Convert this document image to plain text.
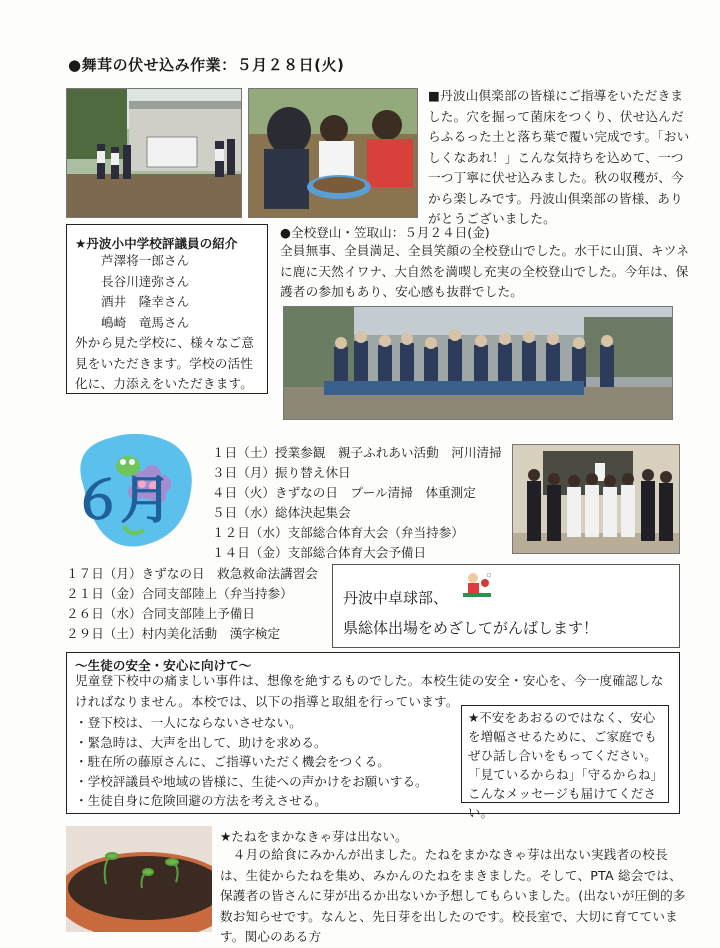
●舞茸の伏せ込み作業：５月２８日(火)
■丹波山倶楽部の皆様にご指導をいただきました。穴を掘って菌床をつくり、伏せ込んだらふるった土と落ち葉で覆い完成です。「おいしくなあれ！」こんな気持ちを込めて、一つ一つ丁寧に伏せ込みました。秋の収穫が、今から楽しみです。丹波山倶楽部の皆様、ありがとうございました。
★丹波小中学校評議員の紹介
芦澤将一郎さん
長谷川達弥さん
酒井　隆幸さん
嶋崎　竜馬さん
外から見た学校に、様々なご意見をいただきます。学校の活性化に、力添えをいただきます。
●全校登山・笠取山：５月２４日(金)
全員無事、全員満足、全員笑顔の全校登山でした。水干に山頂、キツネに鹿に天然イワナ、大自然を満喫し充実の全校登山でした。今年は、保護者の参加もあり、安心感も抜群でした。
６月
１日（土）授業参観　親子ふれあい活動　河川清掃
３日（月）振り替え休日
４日（火）きずなの日　プール清掃　体重測定
５日（水）総体決起集会
１２日（水）支部総合体育大会（弁当持参）
１４日（金）支部総合体育大会予備日
１７日（月）きずなの日　救急救命法講習会
２１日（金）合同支部陸上（弁当持参）
２６日（水）合同支部陸上予備日
２９日（土）村内美化活動　漢字検定
丹波中卓球部、
県総体出場をめざしてがんばします！
～生徒の安全・安心に向けて～
児童登下校中の痛ましい事件は、想像を絶するものでした。本校生徒の安全・安心を、今一度確認しなければなりません。本校では、以下の指導と取組を行っています。
・登下校は、一人にならないさせない。
・緊急時は、大声を出して、助けを求める。
・駐在所の藤原さんに、ご指導いただく機会をつくる。
・学校評議員や地域の皆様に、生徒への声かけをお願いする。
・生徒自身に危険回避の方法を考えさせる。
★不安をあおるのではなく、安心を増幅させるために、ご家庭でもぜひ話し合いをもってください。
「見ているからね」「守るからね」こんなメッセージも届けてください。
★たねをまかなきゃ芽は出ない。
　４月の給食にみかんが出ました。たねをまかなきゃ芽は出ない実践者の校長は、生徒からたねを集め、みかんのたねをまきました。そして、PTA 総会では、保護者の皆さんに芽が出るか出ないか予想してもらいました。(出ないが圧倒的多数お知らせです。なんと、先日芽を出したのです。校長室で、大切に育てています。関心のある方
